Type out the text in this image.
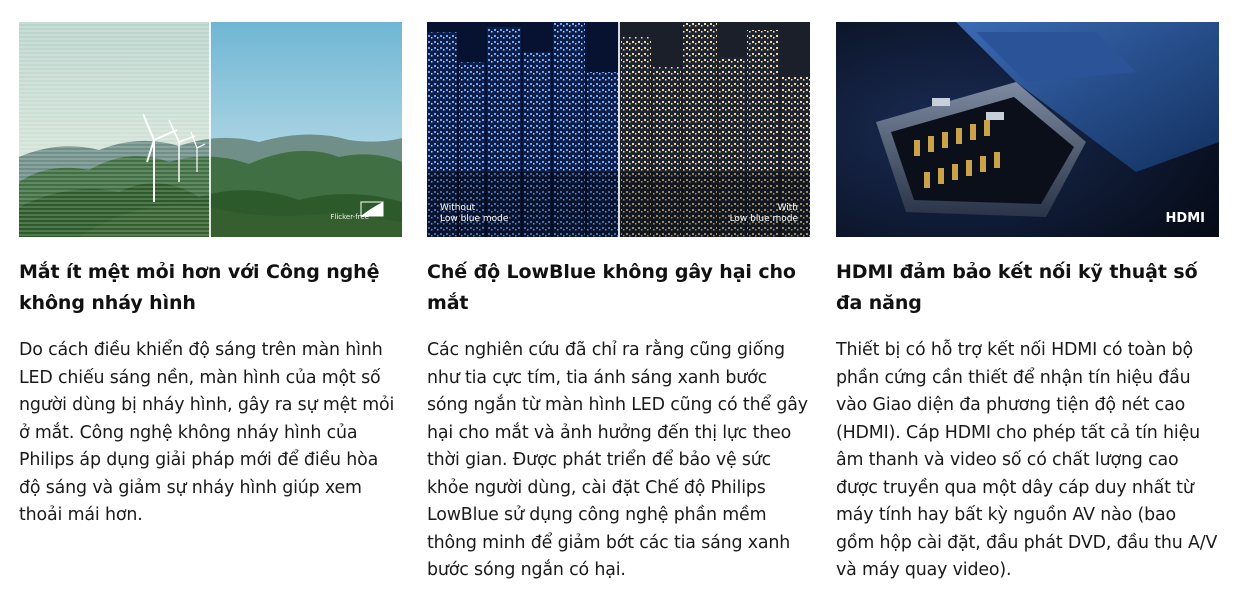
Flicker-free
Mắt ít mệt mỏi hơn với Công nghệ không nháy hình
Do cách điều khiển độ sáng trên màn hình LED chiếu sáng nền, màn hình của một số người dùng bị nháy hình, gây ra sự mệt mỏi ở mắt. Công nghệ không nháy hình của Philips áp dụng giải pháp mới để điều hòa độ sáng và giảm sự nháy hình giúp xem thoải mái hơn.
Without
Low blue mode
With
Low blue mode
Chế độ LowBlue không gây hại cho mắt
Các nghiên cứu đã chỉ ra rằng cũng giống như tia cực tím, tia ánh sáng xanh bước sóng ngắn từ màn hình LED cũng có thể gây hại cho mắt và ảnh hưởng đến thị lực theo thời gian. Được phát triển để bảo vệ sức khỏe người dùng, cài đặt Chế độ Philips LowBlue sử dụng công nghệ phần mềm thông minh để giảm bớt các tia sáng xanh bước sóng ngắn có hại.
HDMI
HDMI đảm bảo kết nối kỹ thuật số đa năng
Thiết bị có hỗ trợ kết nối HDMI có toàn bộ phần cứng cần thiết để nhận tín hiệu đầu vào Giao diện đa phương tiện độ nét cao (HDMI). Cáp HDMI cho phép tất cả tín hiệu âm thanh và video số có chất lượng cao được truyền qua một dây cáp duy nhất từ máy tính hay bất kỳ nguồn AV nào (bao gồm hộp cài đặt, đầu phát DVD, đầu thu A/V và máy quay video).
